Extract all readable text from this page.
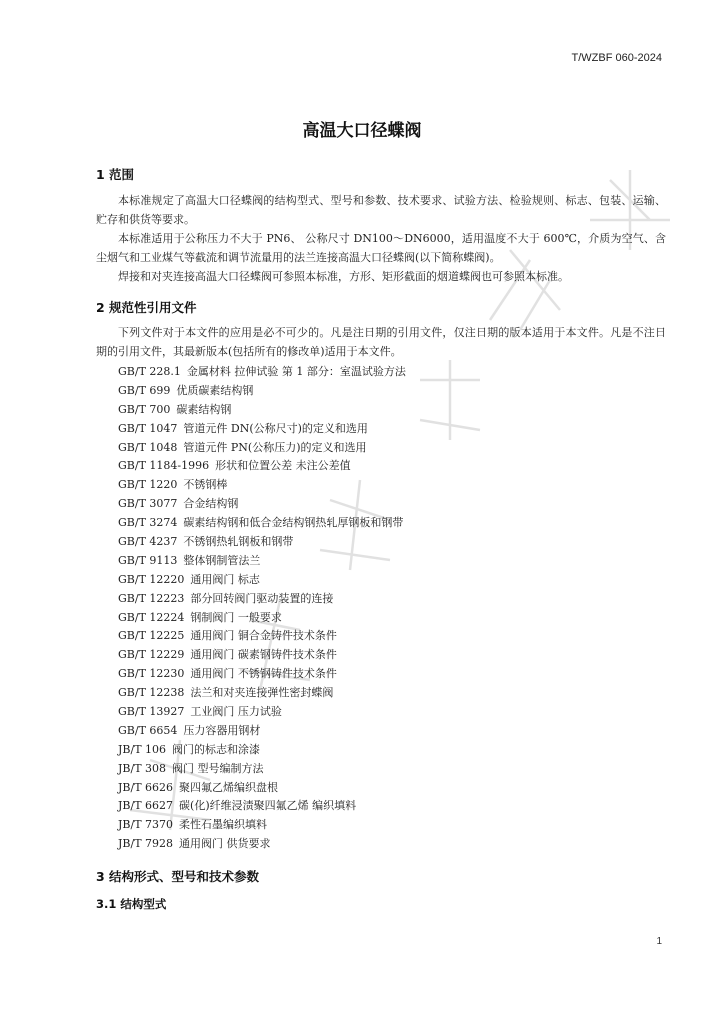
T/WZBF 060-2024
高温大口径蝶阀
1 范围

本标准规定了高温大口径蝶阀的结构型式、型号和参数、技术要求、试验方法、检验规则、标志、包装、运输、贮存和供货等要求。

本标准适用于公称压力不大于 PN6、 公称尺寸 DN100～DN6000，适用温度不大于 600℃，介质为空气、含尘烟气和工业煤气等截流和调节流量用的法兰连接高温大口径蝶阀(以下简称蝶阀)。

焊接和对夹连接高温大口径蝶阀可参照本标准，方形、矩形截面的烟道蝶阀也可参照本标准。

2 规范性引用文件

下列文件对于本文件的应用是必不可少的。凡是注日期的引用文件，仅注日期的版本适用于本文件。凡是不注日期的引用文件，其最新版本(包括所有的修改单)适用于本文件。

GB/T 228.1 金属材料 拉伸试验 第 1 部分：室温试验方法
GB/T 699 优质碳素结构钢
GB/T 700 碳素结构钢
GB/T 1047 管道元件 DN(公称尺寸)的定义和选用
GB/T 1048 管道元件 PN(公称压力)的定义和选用
GB/T 1184-1996 形状和位置公差 未注公差值
GB/T 1220 不锈钢棒
GB/T 3077 合金结构钢
GB/T 3274 碳素结构钢和低合金结构钢热轧厚钢板和钢带
GB/T 4237 不锈钢热轧钢板和钢带
GB/T 9113 整体钢制管法兰
GB/T 12220 通用阀门 标志
GB/T 12223 部分回转阀门驱动装置的连接
GB/T 12224 钢制阀门 一般要求
GB/T 12225 通用阀门 铜合金铸件技术条件
GB/T 12229 通用阀门 碳素钢铸件技术条件
GB/T 12230 通用阀门 不锈钢铸件技术条件
GB/T 12238 法兰和对夹连接弹性密封蝶阀
GB/T 13927 工业阀门 压力试验
GB/T 6654 压力容器用钢材
JB/T 106 阀门的标志和涂漆
JB/T 308 阀门 型号编制方法
JB/T 6626 聚四氟乙烯编织盘根
JB/T 6627 碳(化)纤维浸渍聚四氟乙烯 编织填料
JB/T 7370 柔性石墨编织填料
JB/T 7928 通用阀门 供货要求
3 结构形式、型号和技术参数
3.1 结构型式
1
